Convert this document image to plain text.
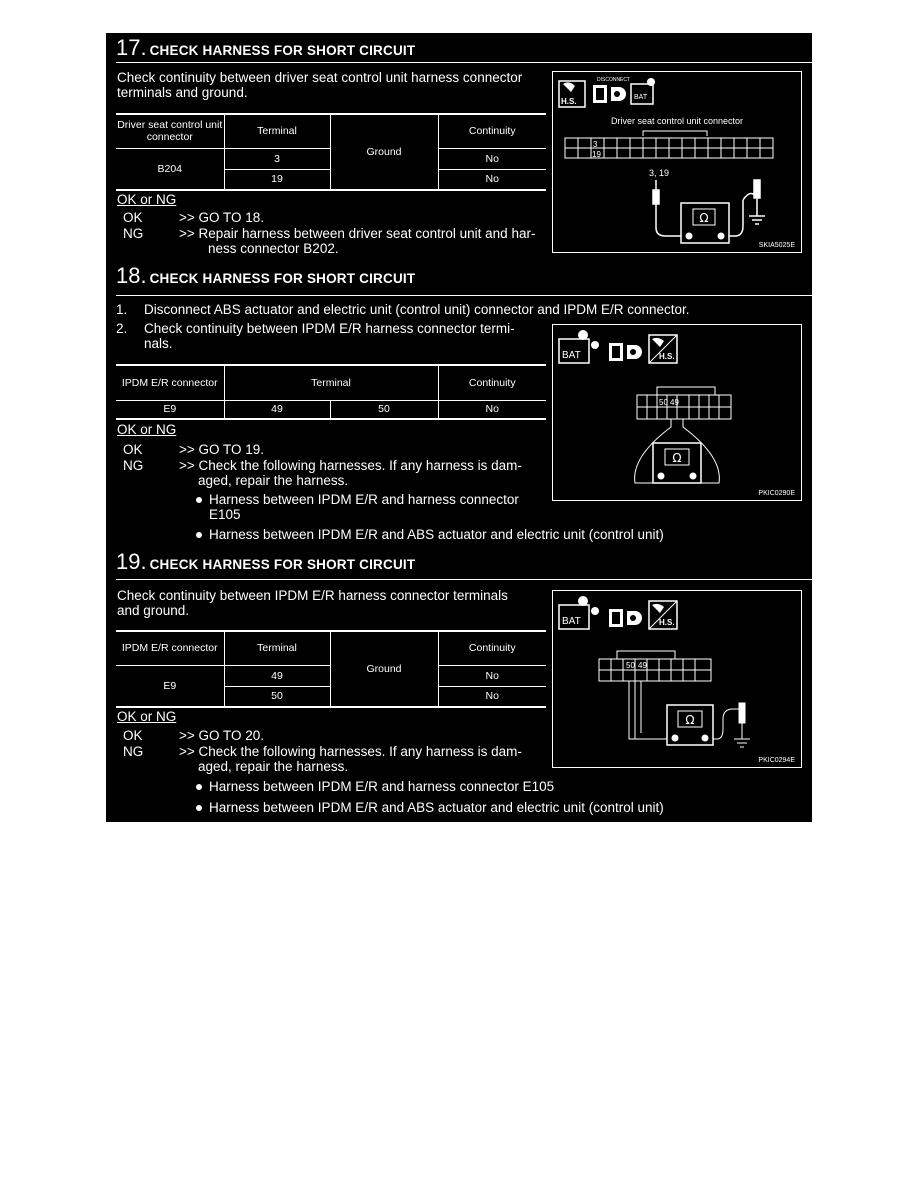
17. CHECK HARNESS FOR SHORT CIRCUIT
Check continuity between driver seat control unit harness connector
terminals and ground.
Driver seat control unit connector	Terminal	Ground	Continuity
B204	3		No
	19		No
OK or NG
OK	>> GO TO 18.
NG	>> Repair harness between driver seat control unit and har-
ness connector B202.
H.S.
DISCONNECT
BAT
Driver seat control unit connector
3
19
3, 19
Ω
SKIA5025E
18. CHECK HARNESS FOR SHORT CIRCUIT
1. Disconnect ABS actuator and electric unit (control unit) connector and IPDM E/R connector.
2. Check continuity between IPDM E/R harness connector termi-
nals.
IPDM E/R connector	Terminal		Continuity
E9	49	50	No
OK or NG
OK	>> GO TO 19.
NG	>> Check the following harnesses. If any harness is dam-
aged, repair the harness.
Harness between IPDM E/R and harness connector
E105
Harness between IPDM E/R and ABS actuator and electric unit (control unit)
BAT	H.S.
50 49
Ω
PKIC0290E
19. CHECK HARNESS FOR SHORT CIRCUIT
Check continuity between IPDM E/R harness connector terminals
and ground.
IPDM E/R connector	Terminal	Ground	Continuity
E9	49		No
	50		No
OK or NG
OK	>> GO TO 20.
NG	>> Check the following harnesses. If any harness is dam-
aged, repair the harness.
Harness between IPDM E/R and harness connector E105
Harness between IPDM E/R and ABS actuator and electric unit (control unit)
BAT	H.S.
50 49
Ω
PKIC0294E
